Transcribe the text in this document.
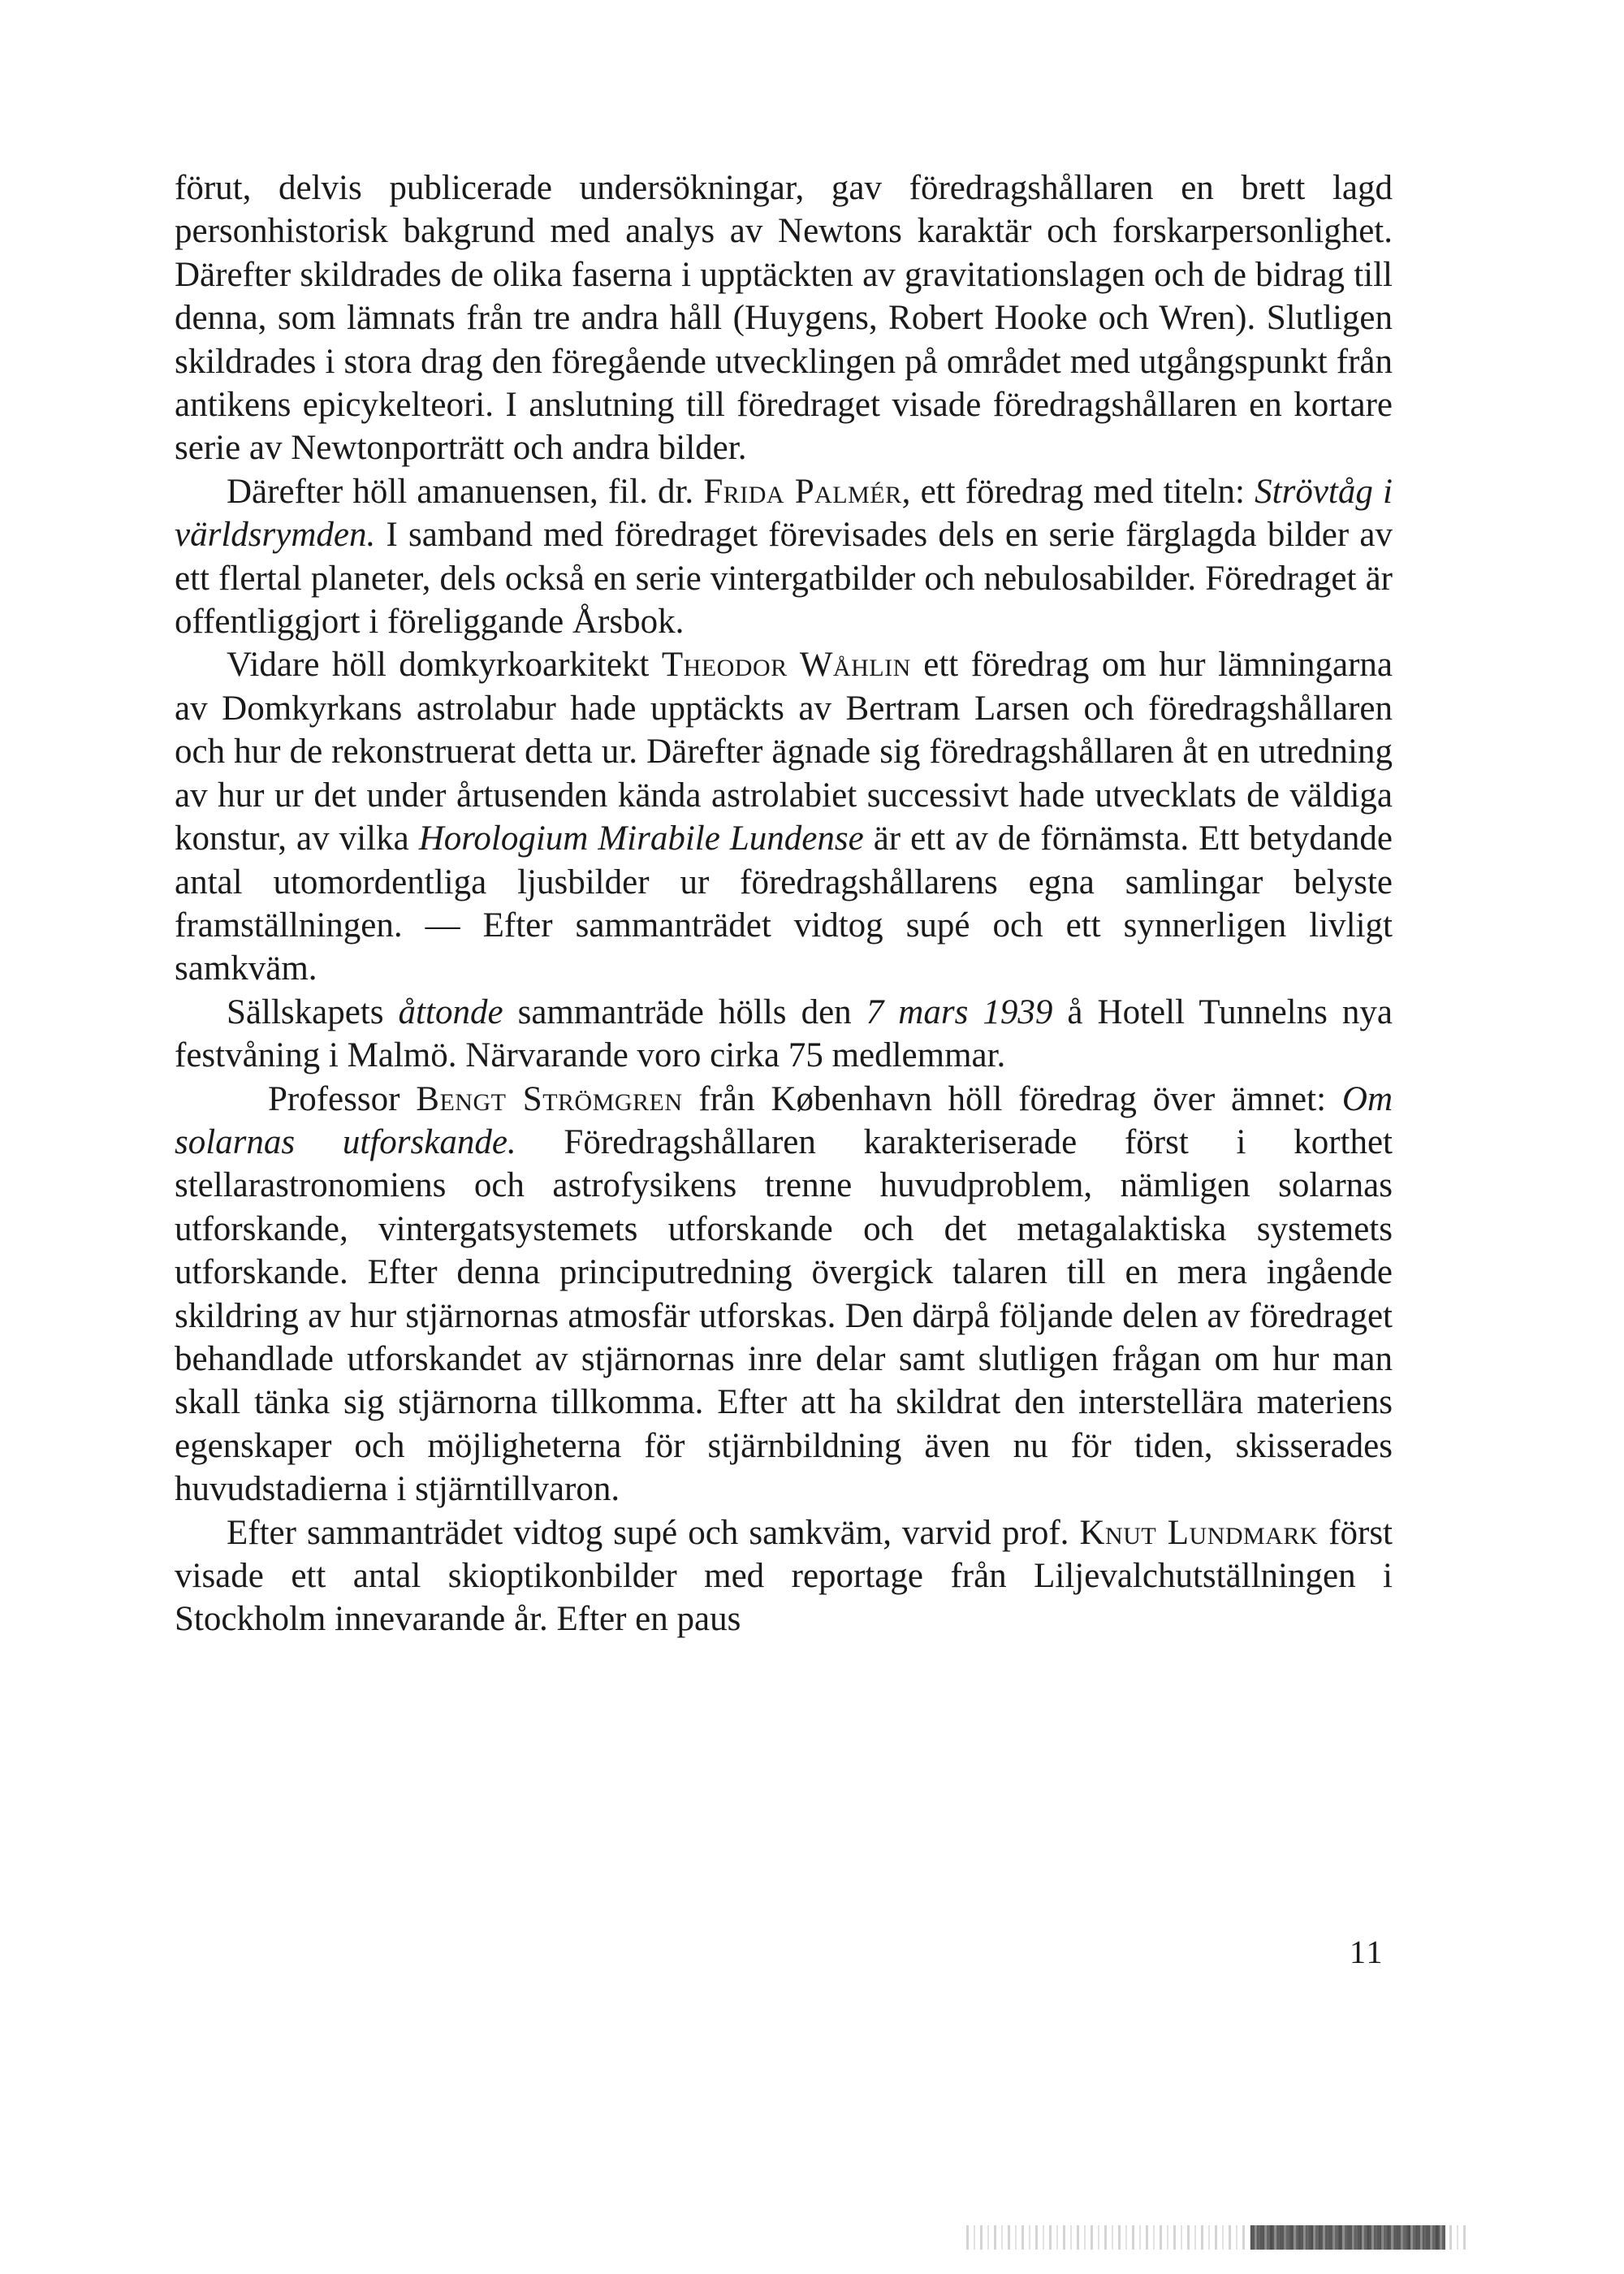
förut, delvis publicerade undersökningar, gav föredragshållaren en brett lagd personhistorisk bakgrund med analys av Newtons karaktär och forskarpersonlighet. Därefter skildrades de olika faserna i upptäckten av gravitationslagen och de bidrag till denna, som lämnats från tre andra håll (Huygens, Robert Hooke och Wren). Slutligen skildrades i stora drag den föregående utvecklingen på området med utgångspunkt från antikens epicykelteori. I anslutning till föredraget visade föredragshållaren en kortare serie av Newtonporträtt och andra bilder.

Därefter höll amanuensen, fil. dr. Frida Palmér, ett föredrag med titeln: Strövtåg i världsrymden. I samband med föredraget förevisades dels en serie färglagda bilder av ett flertal planeter, dels också en serie vintergatbilder och nebulosabilder. Föredraget är offentliggjort i föreliggande Årsbok.

Vidare höll domkyrkoarkitekt Theodor Wåhlin ett föredrag om hur lämningarna av Domkyrkans astrolabur hade upptäckts av Bertram Larsen och föredragshållaren och hur de rekonstruerat detta ur. Därefter ägnade sig föredragshållaren åt en utredning av hur ur det under årtusenden kända astrolabiet successivt hade utvecklats de väldiga konstur, av vilka Horologium Mirabile Lundense är ett av de förnämsta. Ett betydande antal utomordentliga ljusbilder ur föredragshållarens egna samlingar belyste framställningen. — Efter sammanträdet vidtog supé och ett synnerligen livligt samkväm.

Sällskapets åttonde sammanträde hölls den 7 mars 1939 å Hotell Tunnelns nya festvåning i Malmö. Närvarande voro cirka 75 medlemmar.

Professor Bengt Strömgren från København höll föredrag över ämnet: Om solarnas utforskande. Föredragshållaren karakteriserade först i korthet stellarastronomiens och astrofysikens trenne huvudproblem, nämligen solarnas utforskande, vintergatsystemets utforskande och det metagalaktiska systemets utforskande. Efter denna principutredning övergick talaren till en mera ingående skildring av hur stjärnornas atmosfär utforskas. Den därpå följande delen av föredraget behandlade utforskandet av stjärnornas inre delar samt slutligen frågan om hur man skall tänka sig stjärnorna tillkomma. Efter att ha skildrat den interstellära materiens egenskaper och möjligheterna för stjärnbildning även nu för tiden, skisserades huvudstadierna i stjärntillvaron.

Efter sammanträdet vidtog supé och samkväm, varvid prof. Knut Lundmark först visade ett antal skioptikonbilder med reportage från Liljevalchutställningen i Stockholm innevarande år. Efter en paus

11
